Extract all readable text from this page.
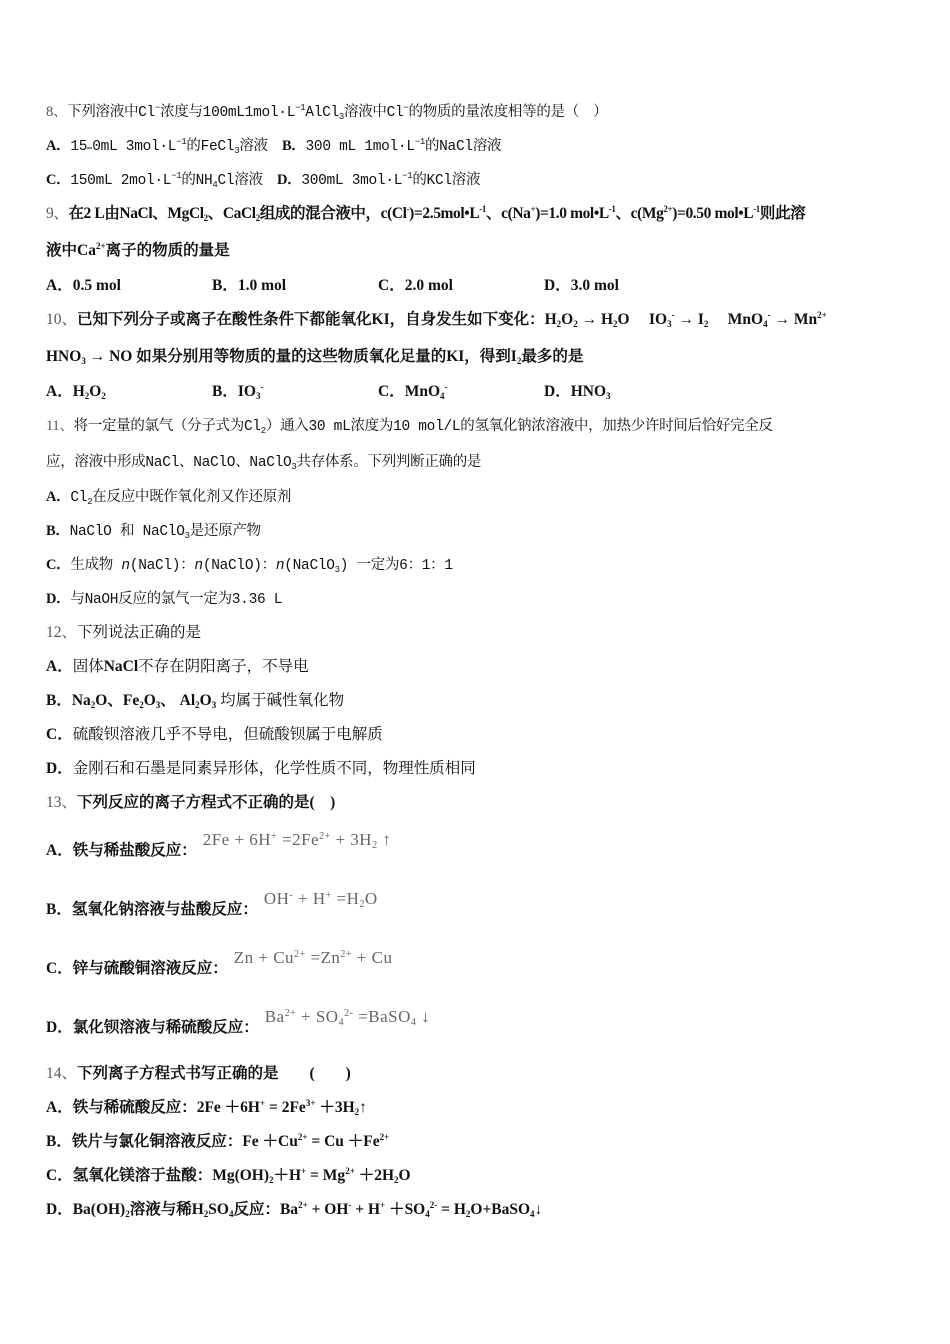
8、下列溶液中Cl−浓度与$100mL1mol\cdot L^{-1}AlCl_3$溶液中Cl−的物质的量浓度相等的是（　）
A．15 0mL $3mol\cdot L^{-1}$的FeCl$_3$溶液　B．300 mL $1mol\cdot L^{-1}$的NaCl溶液
C．150mL $2mol\cdot L^{-1}$的$NH_4Cl$溶液　D．300mL $3mol\cdot L^{-1}$的KCl溶液
9、在2 L由NaCl、MgCl$_2$、CaCl$_2$组成的混合液中，$c(Cl^-)=2.5mol•L^{-1}$、c(Na+)=1.0 $mol•L^{-1}$、$c(Mg^{2+})=0.50$ $mol•L^{-1}$则此溶
液中$Ca^{2+}$离子的物质的量是
A．0.5 mol	B．1.0 mol	C．2.0 mol	D．3.0 mol
10、已知下列分子或离子在酸性条件下都能氧化KI，自身发生如下变化：$H_2O_2 \to H_2O$　 $IO_3^- \to I_2$　 $MnO_4^- \to Mn^{2+}$
$HNO_3$ → NO 如果分别用等物质的量的这些物质氧化足量的KI，得到$I_2$最多的是
A．$H_2O_2$	B．$IO_3^-$	C．MnO$_4$-	D．$HNO_3$
11、将一定量的氯气（分子式为$Cl_2$）通入30 mL浓度为10 mol/L的氢氧化钠浓溶液中，加热少许时间后恰好完全反
应，溶液中形成NaCl、NaClO、NaClO$_3$共存体系。下列判断正确的是
A．$Cl_2$在反应中既作氧化剂又作还原剂
B．NaClO 和 NaClO$_3$是还原产物
C．生成物 n(NaCl)：n(NaClO)：n(NaClO$_3$) 一定为6：1：1
D．与NaOH反应的氯气一定为3.36 L
12、下列说法正确的是
A．固体NaCl不存在阴阳离子，不导电
B．$Na_2O$、$Fe_2O_3$、 $Al_2O_3$ 均属于碱性氧化物
C．硫酸钡溶液几乎不导电，但硫酸钡属于电解质
D．金刚石和石墨是同素异形体，化学性质不同，物理性质相同
13、下列反应的离子方程式不正确的是(　)
A．铁与稀盐酸反应：$2Fe + 6H^+ =2Fe^{2+} + 3H_2$ ↑
B．氢氧化钠溶液与盐酸反应：$OH^- + H^+ =H_2O$
C．锌与硫酸铜溶液反应：$Zn + Cu^{2+} =Zn^{2+} + Cu$
D．氯化钡溶液与稀硫酸反应：$Ba^{2+} + SO_4^{2-}$ =BaSO$_4$ ↓
14、下列离子方程式书写正确的是　　(　　)
A．铁与稀硫酸反应：$2Fe +6H^+ = 2Fe^{3+}$ $+3H_2↑$
B．铁片与氯化铜溶液反应：$Fe +Cu^{2+} = Cu +Fe^{2+}$
C．氢氧化镁溶于盐酸：$Mg(OH)_2+H^+ = Mg^{2+} +2H_2O$
D．$Ba(OH)_2$溶液与稀$H_2SO_4$反应：$Ba^{2+} + OH^- + H^+ +SO_4^{2-}$ = $H_2O+BaSO_4↓$
